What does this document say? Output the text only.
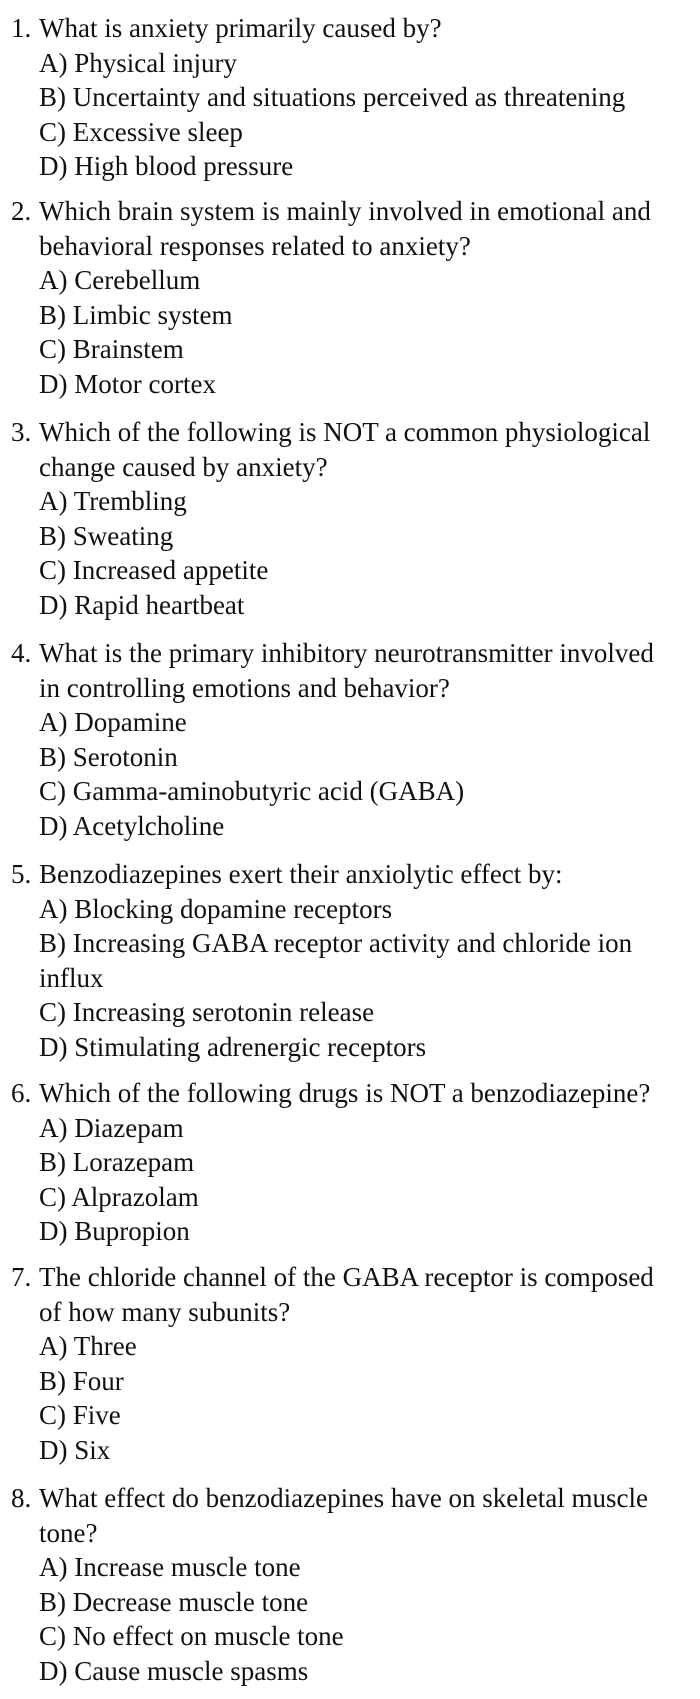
1. What is anxiety primarily caused by?
A) Physical injury
B) Uncertainty and situations perceived as threatening
C) Excessive sleep
D) High blood pressure
2. Which brain system is mainly involved in emotional and
behavioral responses related to anxiety?
A) Cerebellum
B) Limbic system
C) Brainstem
D) Motor cortex
3. Which of the following is NOT a common physiological
change caused by anxiety?
A) Trembling
B) Sweating
C) Increased appetite
D) Rapid heartbeat
4. What is the primary inhibitory neurotransmitter involved
in controlling emotions and behavior?
A) Dopamine
B) Serotonin
C) Gamma-aminobutyric acid (GABA)
D) Acetylcholine
5. Benzodiazepines exert their anxiolytic effect by:
A) Blocking dopamine receptors
B) Increasing GABA receptor activity and chloride ion
influx
C) Increasing serotonin release
D) Stimulating adrenergic receptors
6. Which of the following drugs is NOT a benzodiazepine?
A) Diazepam
B) Lorazepam
C) Alprazolam
D) Bupropion
7. The chloride channel of the GABA receptor is composed
of how many subunits?
A) Three
B) Four
C) Five
D) Six
8. What effect do benzodiazepines have on skeletal muscle
tone?
A) Increase muscle tone
B) Decrease muscle tone
C) No effect on muscle tone
D) Cause muscle spasms
